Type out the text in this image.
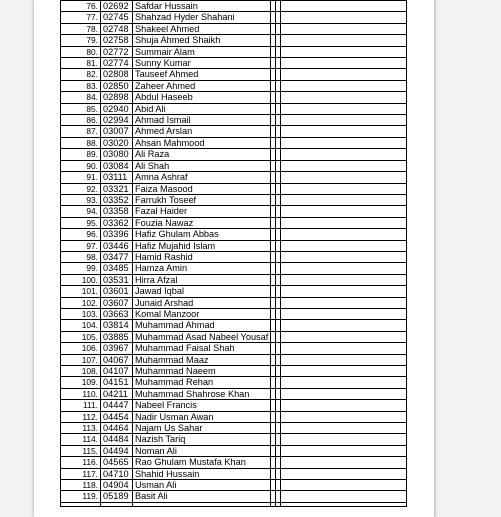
76.	02692	Safdar Hussain			
77.	02745	Shahzad Hyder Shahani			
78.	02748	Shakeel Ahmed			
79.	02758	Shuja Ahmed Shaikh			
80.	02772	Summair Alam			
81.	02774	Sunny Kumar			
82.	02808	Tauseef Ahmed			
83.	02850	Zaheer Ahmed			
84.	02898	Abdul Haseeb			
85.	02940	Abid Ali			
86.	02994	Ahmad Ismail			
87.	03007	Ahmed Arslan			
88.	03020	Ahsan Mahmood			
89.	03080	Ali Raza			
90.	03084	Ali Shah			
91.	03111	Amna Ashraf			
92.	03321	Faiza Masood			
93.	03352	Farrukh Toseef			
94.	03358	Fazal Haider			
95.	03362	Fouzia Nawaz			
96.	03396	Hafiz Ghulam Abbas			
97.	03446	Hafiz Mujahid Islam			
98.	03477	Hamid Rashid			
99.	03485	Hamza Amin			
100.	03531	Hirra Afzal			
101.	03601	Jawad Iqbal			
102.	03607	Junaid Arshad			
103.	03663	Komal Manzoor			
104.	03814	Muhammad Ahmad			
105.	03885	Muhammad Asad Nabeel Yousaf			
106.	03967	Muhammad Faisal Shah			
107.	04067	Muhammad Maaz			
108.	04107	Muhammad Naeem			
109.	04151	Muhammad Rehan			
110.	04211	Muhammad Shahrose Khan			
111.	04447	Nabeel Francis			
112.	04454	Nadir Usman Awan			
113.	04464	Najam Us Sahar			
114.	04484	Nazish Tariq			
115.	04494	Noman Ali			
116.	04565	Rao Ghulam Mustafa Khan			
117.	04710	Shahid Hussain			
118.	04904	Usman Ali			
119.	05189	Basit Ali			
